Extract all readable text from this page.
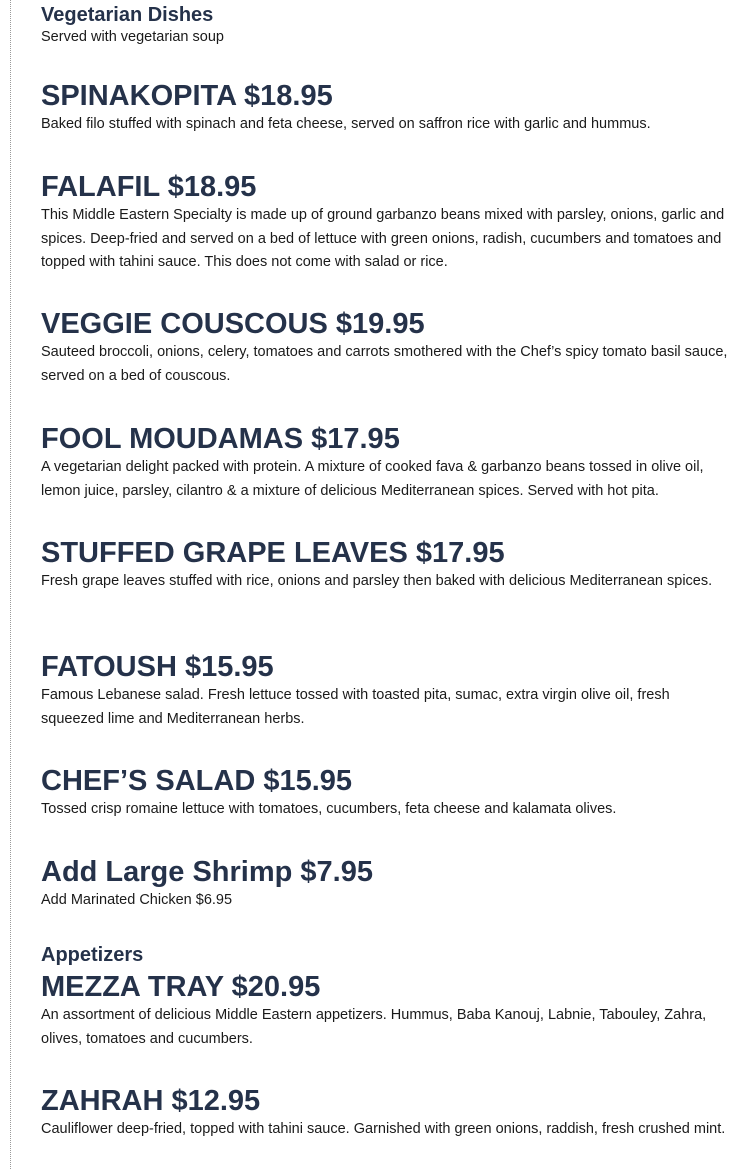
Vegetarian Dishes

Served with vegetarian soup

SPINAKOPITA $18.95

Baked filo stuffed with spinach and feta cheese, served on saffron rice with garlic and hummus.

FALAFIL $18.95

This Middle Eastern Specialty is made up of ground garbanzo beans mixed with parsley, onions, garlic and spices. Deep-fried and served on a bed of lettuce with green onions, radish, cucumbers and tomatoes and topped with tahini sauce. This does not come with salad or rice.

VEGGIE COUSCOUS $19.95

Sauteed broccoli, onions, celery, tomatoes and carrots smothered with the Chef’s spicy tomato basil sauce, served on a bed of couscous.

FOOL MOUDAMAS $17.95

A vegetarian delight packed with protein. A mixture of cooked fava & garbanzo beans tossed in olive oil, lemon juice, parsley, cilantro & a mixture of delicious Mediterranean spices. Served with hot pita.

STUFFED GRAPE LEAVES $17.95

Fresh grape leaves stuffed with rice, onions and parsley then baked with delicious Mediterranean spices.

FATOUSH $15.95

Famous Lebanese salad. Fresh lettuce tossed with toasted pita, sumac, extra virgin olive oil, fresh squeezed lime and Mediterranean herbs.

CHEF’S SALAD $15.95

Tossed crisp romaine lettuce with tomatoes, cucumbers, feta cheese and kalamata olives.

Add Large Shrimp $7.95

Add Marinated Chicken $6.95

Appetizers

MEZZA TRAY $20.95

An assortment of delicious Middle Eastern appetizers. Hummus, Baba Kanouj, Labnie, Tabouley, Zahra, olives, tomatoes and cucumbers.

ZAHRAH $12.95

Cauliflower deep-fried, topped with tahini sauce. Garnished with green onions, raddish, fresh crushed mint.
